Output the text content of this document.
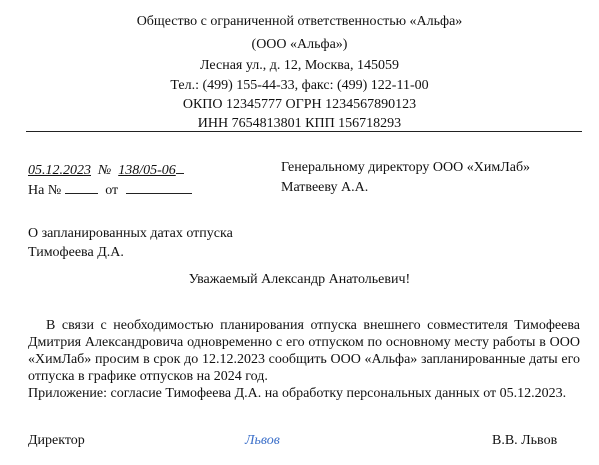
Общество с ограниченной ответственностью «Альфа»
(ООО «Альфа»)
Лесная ул., д. 12, Москва, 145059
Тел.: (499) 155-44-33, факс: (499) 122-11-00
ОКПО 12345777 ОГРН 1234567890123
ИНН 7654813801 КПП 156718293
05.12.2023 № 138/05-06
На №	от
Генеральному директору ООО «ХимЛаб»
Матвееву А.А.
О запланированных датах отпуска
Тимофеева Д.А.
Уважаемый Александр Анатольевич!
В связи с необходимостью планирования отпуска внешнего совместителя Тимофеева Дмитрия Александровича одновременно с его отпуском по основному месту работы в ООО «ХимЛаб» просим в срок до 12.12.2023 сообщить ООО «Альфа» запланированные даты его отпуска в графике отпусков на 2024 год.
Приложение: согласие Тимофеева Д.А. на обработку персональных данных от 05.12.2023.
Директор	Львов	В.В. Львов
